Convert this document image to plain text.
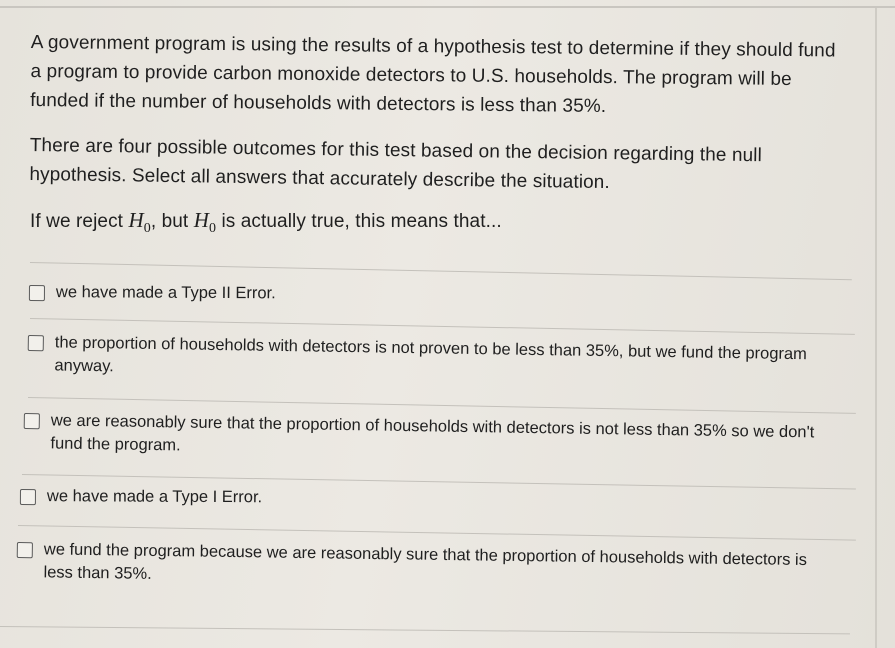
A government program is using the results of a hypothesis test to determine if they should fund a program to provide carbon monoxide detectors to U.S. households. The program will be funded if the number of households with detectors is less than 35%.

There are four possible outcomes for this test based on the decision regarding the null hypothesis. Select all answers that accurately describe the situation.

If we reject $H_0$, but $H_0$ is actually true, this means that...

we have made a Type II Error.
the proportion of households with detectors is not proven to be less than 35%, but we fund the program anyway.
we are reasonably sure that the proportion of households with detectors is not less than 35% so we don't fund the program.
we have made a Type I Error.
we fund the program because we are reasonably sure that the proportion of households with detectors is less than 35%.
